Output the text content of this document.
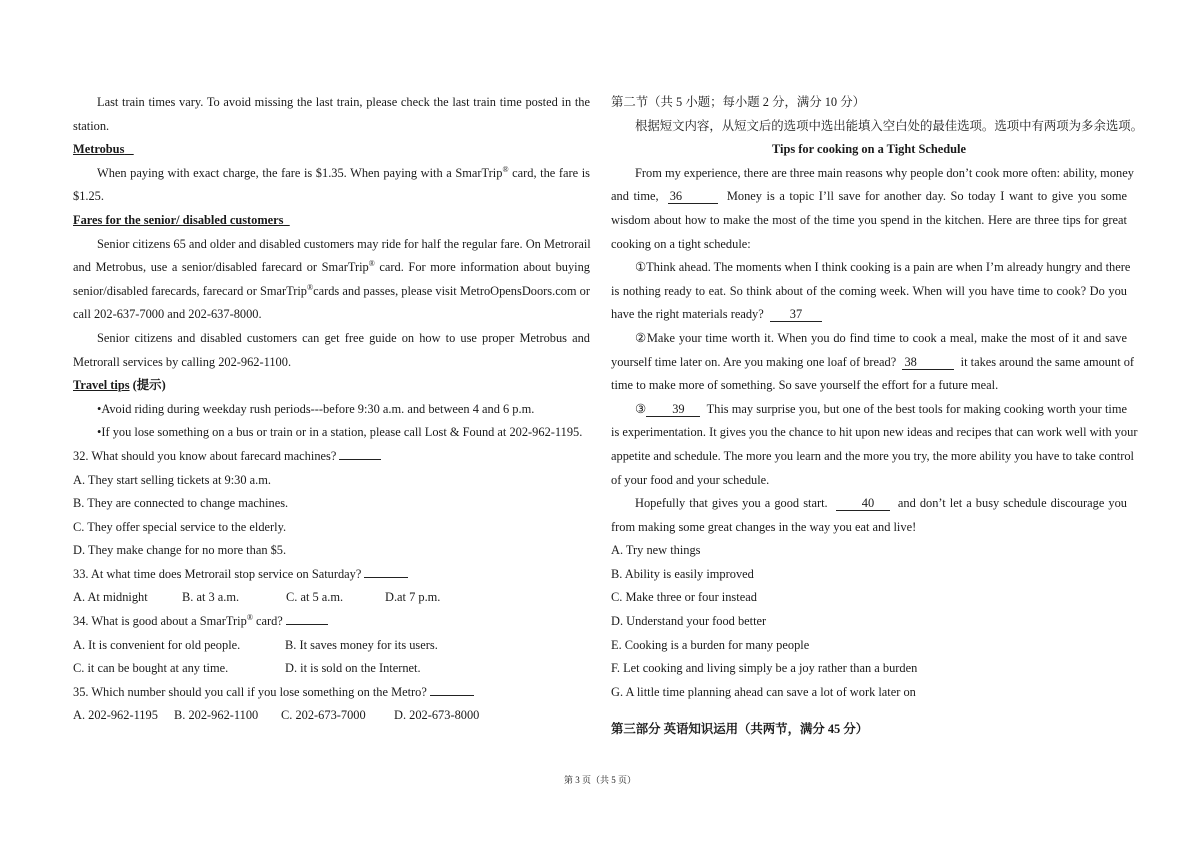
Last train times vary. To avoid missing the last train, please check the last train time posted in the
station.
Metrobus
When paying with exact charge, the fare is $1.35. When paying with a SmarTrip® card, the fare is
$1.25.
Fares for the senior/ disabled customers
Senior citizens 65 and older and disabled customers may ride for half the regular fare. On Metrorail
and Metrobus, use a senior/disabled farecard or SmarTrip® card. For more information about buying
senior/disabled farecards, farecard or SmarTrip®cards and passes, please visit MetroOpensDoors.com or
call 202-637-7000 and 202-637-8000.
Senior citizens and disabled customers can get free guide on how to use proper Metrobus and
Metrorall services by calling 202-962-1100.
Travel tips (提示)
•Avoid riding during weekday rush periods---before 9:30 a.m. and between 4 and 6 p.m.
•If you lose something on a bus or train or in a station, please call Lost & Found at 202-962-1195.
32. What should you know about farecard machines?
A. They start selling tickets at 9:30 a.m.
B. They are connected to change machines.
C. They offer special service to the elderly.
D. They make change for no more than $5.
33. At what time does Metrorail stop service on Saturday?
A. At midnight	B. at 3 a.m.	C. at 5 a.m.	D.at 7 p.m.
34. What is good about a SmarTrip® card?
A. It is convenient for old people.	B. It saves money for its users.
C. it can be bought at any time.	D. it is sold on the Internet.
35. Which number should you call if you lose something on the Metro?
A. 202-962-1195	B. 202-962-1100	C. 202-673-7000	D. 202-673-8000
第二节（共 5 小题；每小题 2 分，满分 10 分）
根据短文内容，从短文后的选项中选出能填入空白处的最佳选项。选项中有两项为多余选项。
Tips for cooking on a Tight Schedule
From my experience, there are three main reasons why people don’t cook more often: ability, money
and time, 36	Money is a topic I’ll save for another day. So today I want to give you some
wisdom about how to make the most of the time you spend in the kitchen. Here are three tips for great
cooking on a tight schedule:
①Think ahead. The moments when I think cooking is a pain are when I’m already hungry and there
is nothing ready to eat. So think about of the coming week. When will you have time to cook? Do you
have the right materials ready? 37
②Make your time worth it. When you do find time to cook a meal, make the most of it and save
yourself time later on. Are you making one loaf of bread? 38	it takes around the same amount of
time to make more of something. So save yourself the effort for a future meal.
③ 39 This may surprise you, but one of the best tools for making cooking worth your time
is experimentation. It gives you the chance to hit upon new ideas and recipes that can work well with your
appetite and schedule. The more you learn and the more you try, the more ability you have to take control
of your food and your schedule.
Hopefully that gives you a good start.	40 and don’t let a busy schedule discourage you
from making some great changes in the way you eat and live!
A. Try new things
B. Ability is easily improved
C. Make three or four instead
D. Understand your food better
E. Cooking is a burden for many people
F. Let cooking and living simply be a joy rather than a burden
G. A little time planning ahead can save a lot of work later on
第三部分 英语知识运用（共两节，满分 45 分）
第 3 页（共 5 页）
